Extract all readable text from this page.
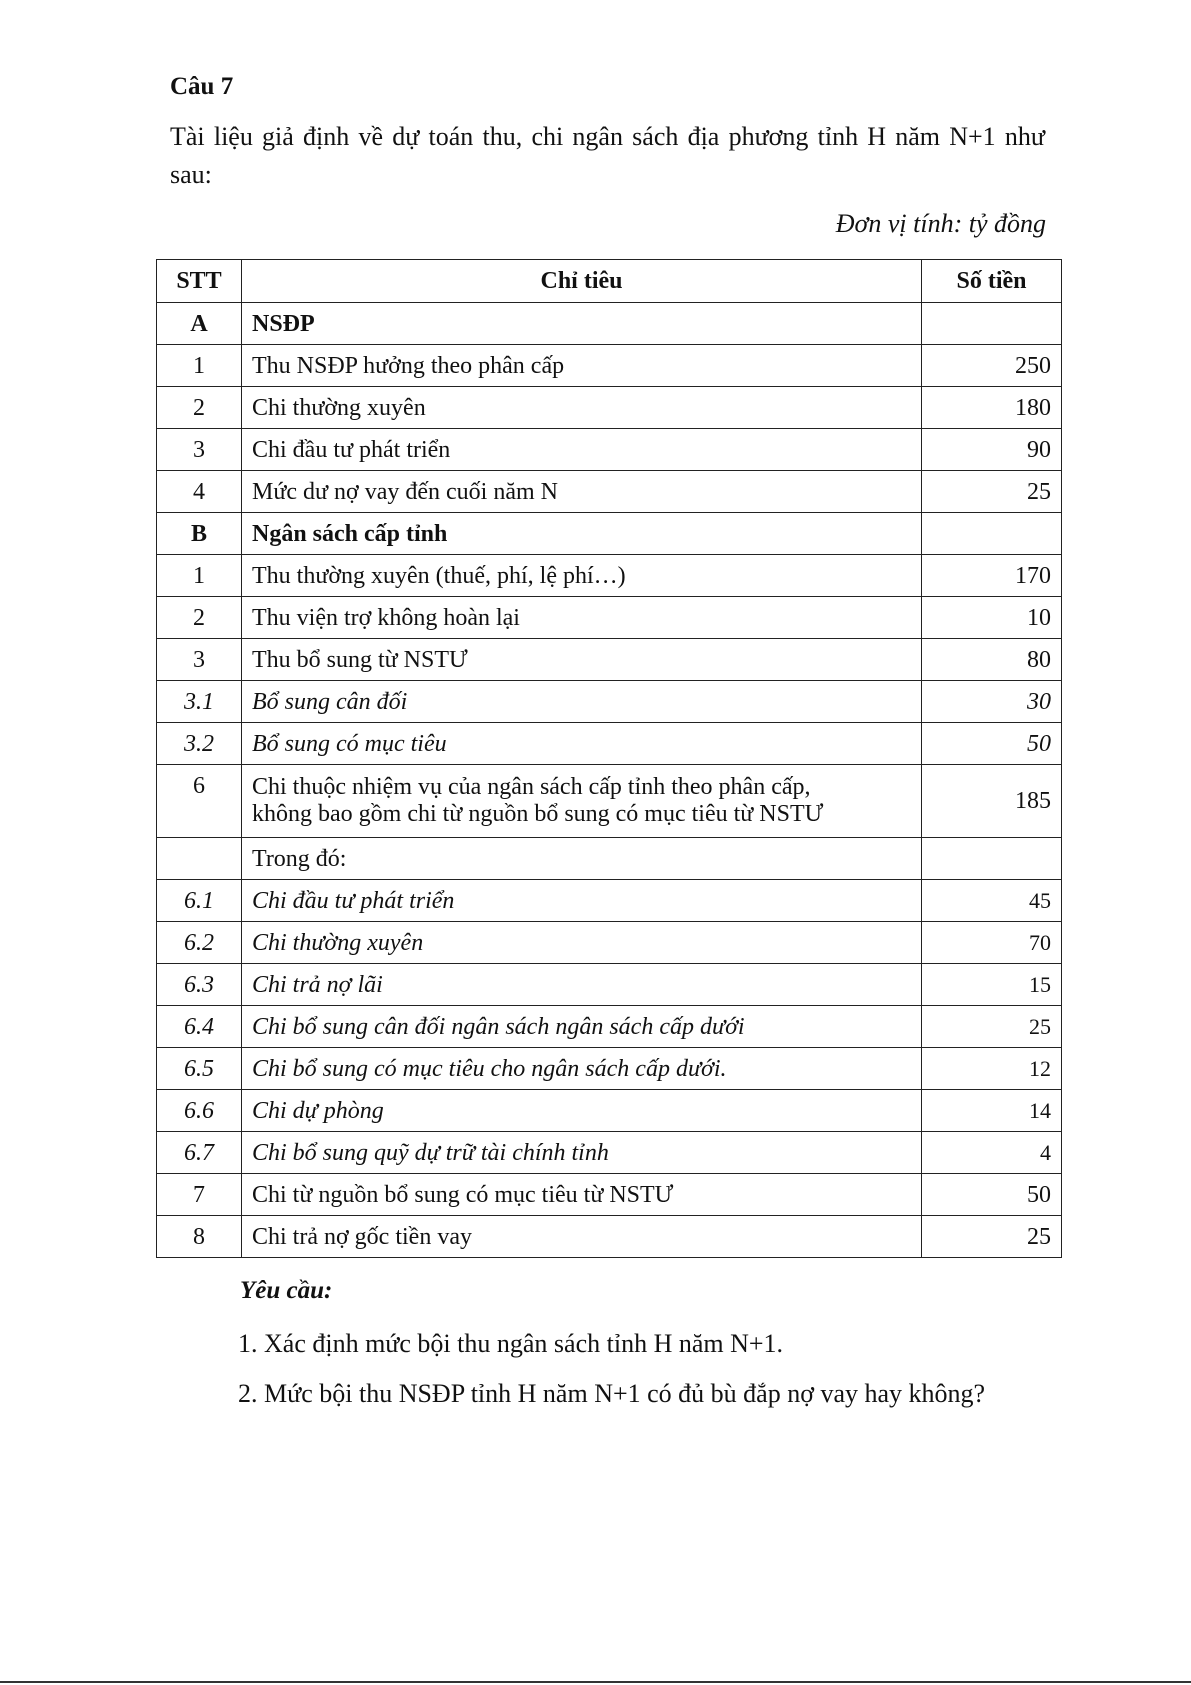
Câu 7
Tài liệu giả định về dự toán thu, chi ngân sách địa phương tỉnh H năm N+1 như sau:
Đơn vị tính: tỷ đồng
STT	Chỉ tiêu	Số tiền
A	NSĐP	
1	Thu NSĐP hưởng theo phân cấp	250
2	Chi thường xuyên	180
3	Chi đầu tư phát triển	90
4	Mức dư nợ vay đến cuối năm N	25
B	Ngân sách cấp tỉnh	
1	Thu thường xuyên (thuế, phí, lệ phí…)	170
2	Thu viện trợ không hoàn lại	10
3	Thu bổ sung từ NSTƯ	80
3.1	Bổ sung cân đối	30
3.2	Bổ sung có mục tiêu	50
6	Chi thuộc nhiệm vụ của ngân sách cấp tỉnh theo phân cấp,
không bao gồm chi từ nguồn bổ sung có mục tiêu từ NSTƯ	185
	Trong đó:	
6.1	Chi đầu tư phát triển	45
6.2	Chi thường xuyên	70
6.3	Chi trả nợ lãi	15
6.4	Chi bổ sung cân đối ngân sách ngân sách cấp dưới	25
6.5	Chi bổ sung có mục tiêu cho ngân sách cấp dưới.	12
6.6	Chi dự phòng	14
6.7	Chi bổ sung quỹ dự trữ tài chính tỉnh	4
7	Chi từ nguồn bổ sung có mục tiêu từ NSTƯ	50
8	Chi trả nợ gốc tiền vay	25
Yêu cầu:
1. Xác định mức bội thu ngân sách tỉnh H năm N+1.
2. Mức bội thu NSĐP tỉnh H năm N+1 có đủ bù đắp nợ vay hay không?
